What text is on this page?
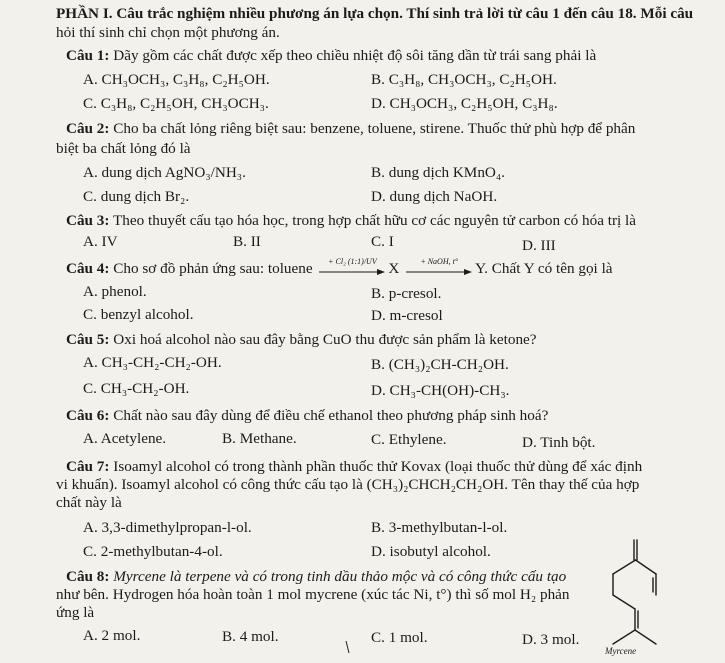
PHẦN I. Câu trắc nghiệm nhiều phương án lựa chọn. Thí sinh trả lời từ câu 1 đến câu 18. Mỗi câu
hỏi thí sinh chỉ chọn một phương án.
Câu 1: Dãy gồm các chất được xếp theo chiều nhiệt độ sôi tăng dần từ trái sang phải là
A. CH₃OCH₃, C₃H₈, C₂H₅OH.	B. C₃H₈, CH₃OCH₃, C₂H₅OH.
C. C₃H₈, C₂H₅OH, CH₃OCH₃.	D. CH₃OCH₃, C₂H₅OH, C₃H₈.
Câu 2: Cho ba chất lỏng riêng biệt sau: benzene, toluene, stirene. Thuốc thử phù hợp để phân
biệt ba chất lỏng đó là
A. dung dịch AgNO₃/NH₃.	B. dung dịch KMnO₄.
C. dung dịch Br₂.	D. dung dịch NaOH.
Câu 3: Theo thuyết cấu tạo hóa học, trong hợp chất hữu cơ các nguyên tử carbon có hóa trị là
A. IV	B. II	C. I	D. III
Câu 4: Cho sơ đồ phản ứng sau: toluene	+ Cl₂ (1:1)/UV X	+ NaOH, t°	Y. Chất Y có tên gọi là
A. phenol.	B. p-cresol.
C. benzyl alcohol.	D. m-cresol
Câu 5: Oxi hoá alcohol nào sau đây bằng CuO thu được sản phẩm là ketone?
A. CH₃-CH₂-CH₂-OH.	B. (CH₃)₂CH-CH₂OH.
C. CH₃-CH₂-OH.	D. CH₃-CH(OH)-CH₃.
Câu 6: Chất nào sau đây dùng để điều chế ethanol theo phương pháp sinh hoá?
A. Acetylene.	B. Methane.	C. Ethylene.	D. Tinh bột.
Câu 7: Isoamyl alcohol có trong thành phần thuốc thử Kovax (loại thuốc thử dùng để xác định
vi khuẩn). Isoamyl alcohol có công thức cấu tạo là (CH₃)₂CHCH₂CH₂OH. Tên thay thế của hợp
chất này là
A. 3,3-dimethylpropan-l-ol.	B. 3-methylbutan-l-ol.
C. 2-methylbutan-4-ol.	D. isobutyl alcohol.
Câu 8: Myrcene là terpene và có trong tinh dầu thảo mộc và có công thức cấu tạo
như bên. Hydrogen hóa hoàn toàn 1 mol mycrene (xúc tác Ni, t°) thì số mol H₂ phản
ứng là
A. 2 mol.	B. 4 mol.	C. 1 mol.	D. 3 mol.
Myrcene
